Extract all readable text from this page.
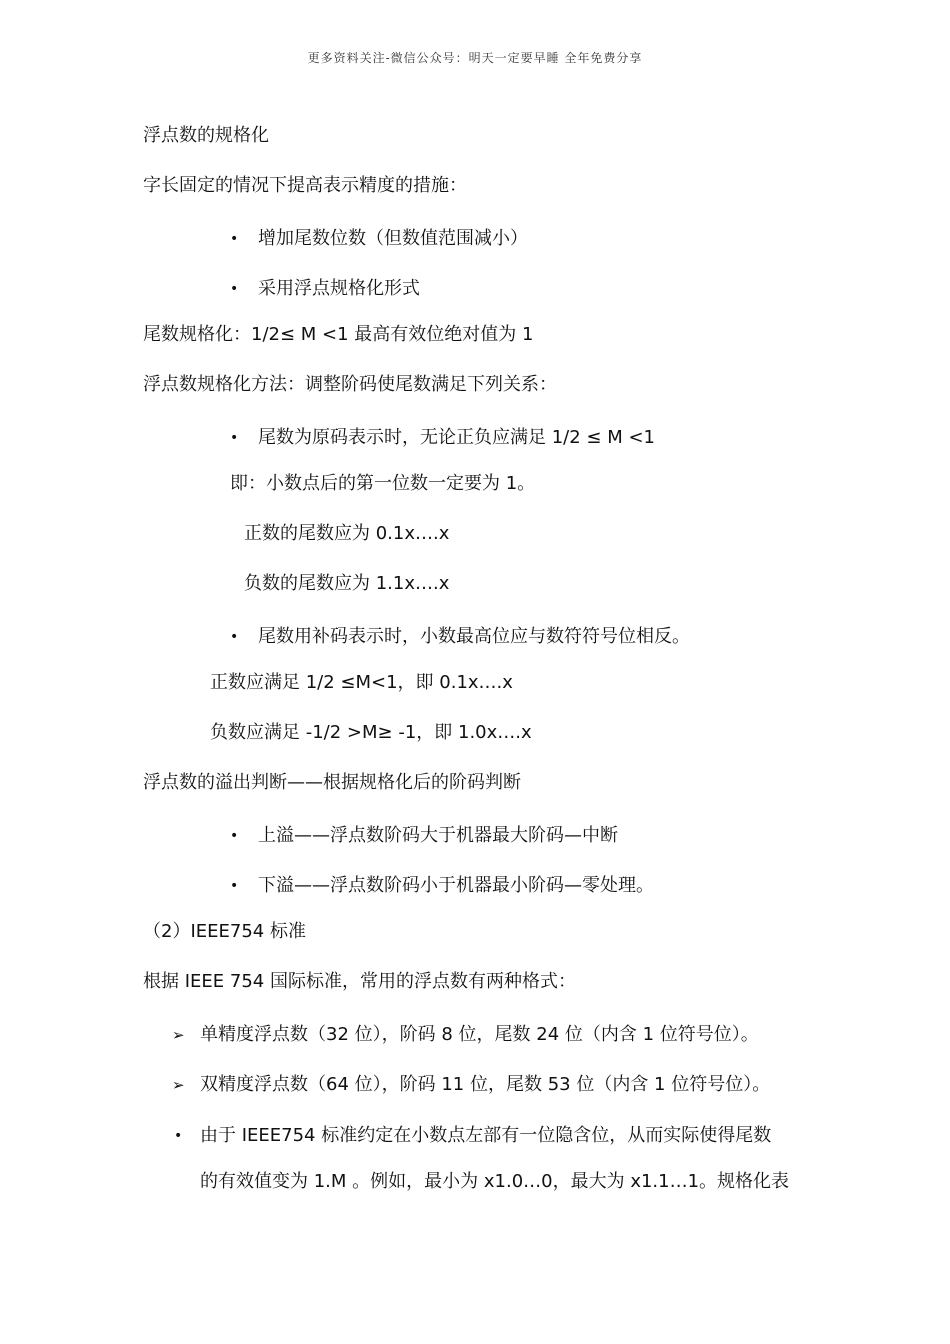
更多资料关注-微信公众号：明天一定要早睡 全年免费分享
浮点数的规格化
字长固定的情况下提高表示精度的措施：
• 增加尾数位数（但数值范围减小）
• 采用浮点规格化形式
尾数规格化：1/2≤ M <1 最高有效位绝对值为 1
浮点数规格化方法：调整阶码使尾数满足下列关系：
• 尾数为原码表示时，无论正负应满足 1/2 ≤ M <1
即：小数点后的第一位数一定要为 1。
正数的尾数应为 0.1x….x
负数的尾数应为 1.1x….x
• 尾数用补码表示时，小数最高位应与数符符号位相反。
正数应满足 1/2 ≤M<1，即 0.1x….x
负数应满足 -1/2 >M≥ -1，即 1.0x….x
浮点数的溢出判断——根据规格化后的阶码判断
• 上溢——浮点数阶码大于机器最大阶码—中断
• 下溢——浮点数阶码小于机器最小阶码—零处理。
（2）IEEE754 标准
根据 IEEE 754 国际标准，常用的浮点数有两种格式：
➢ 单精度浮点数（32 位），阶码 8 位，尾数 24 位（内含 1 位符号位）。
➢ 双精度浮点数（64 位），阶码 11 位，尾数 53 位（内含 1 位符号位）。
• 由于 IEEE754 标准约定在小数点左部有一位隐含位，从而实际使得尾数
的有效值变为 1.M 。例如，最小为 x1.0…0，最大为 x1.1…1。规格化表
